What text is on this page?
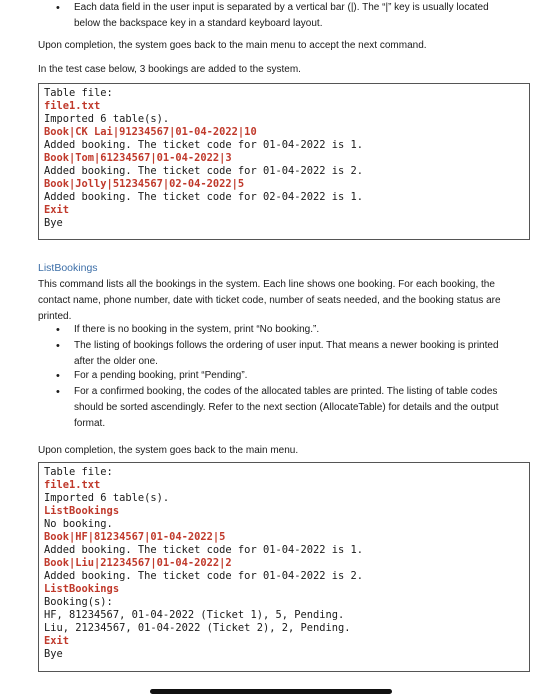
•	Each data field in the user input is separated by a vertical bar (|). The “|” key is usually located
below the backspace key in a standard keyboard layout.
Upon completion, the system goes back to the main menu to accept the next command.
In the test case below, 3 bookings are added to the system.
Table file:
file1.txt
Imported 6 table(s).
Book|CK Lai|91234567|01-04-2022|10
Added booking. The ticket code for 01-04-2022 is 1.
Book|Tom|61234567|01-04-2022|3
Added booking. The ticket code for 01-04-2022 is 2.
Book|Jolly|51234567|02-04-2022|5
Added booking. The ticket code for 02-04-2022 is 1.
Exit
Bye
ListBookings
This command lists all the bookings in the system. Each line shows one booking. For each booking, the
contact name, phone number, date with ticket code, number of seats needed, and the booking status are
printed.
•	If there is no booking in the system, print “No booking.”.
•	The listing of bookings follows the ordering of user input. That means a newer booking is printed
after the older one.
•	For a pending booking, print “Pending”.
•	For a confirmed booking, the codes of the allocated tables are printed. The listing of table codes
should be sorted ascendingly. Refer to the next section (AllocateTable) for details and the output
format.
Upon completion, the system goes back to the main menu.
Table file:
file1.txt
Imported 6 table(s).
ListBookings
No booking.
Book|HF|81234567|01-04-2022|5
Added booking. The ticket code for 01-04-2022 is 1.
Book|Liu|21234567|01-04-2022|2
Added booking. The ticket code for 01-04-2022 is 2.
ListBookings
Booking(s):
HF, 81234567, 01-04-2022 (Ticket 1), 5, Pending.
Liu, 21234567, 01-04-2022 (Ticket 2), 2, Pending.
Exit
Bye
